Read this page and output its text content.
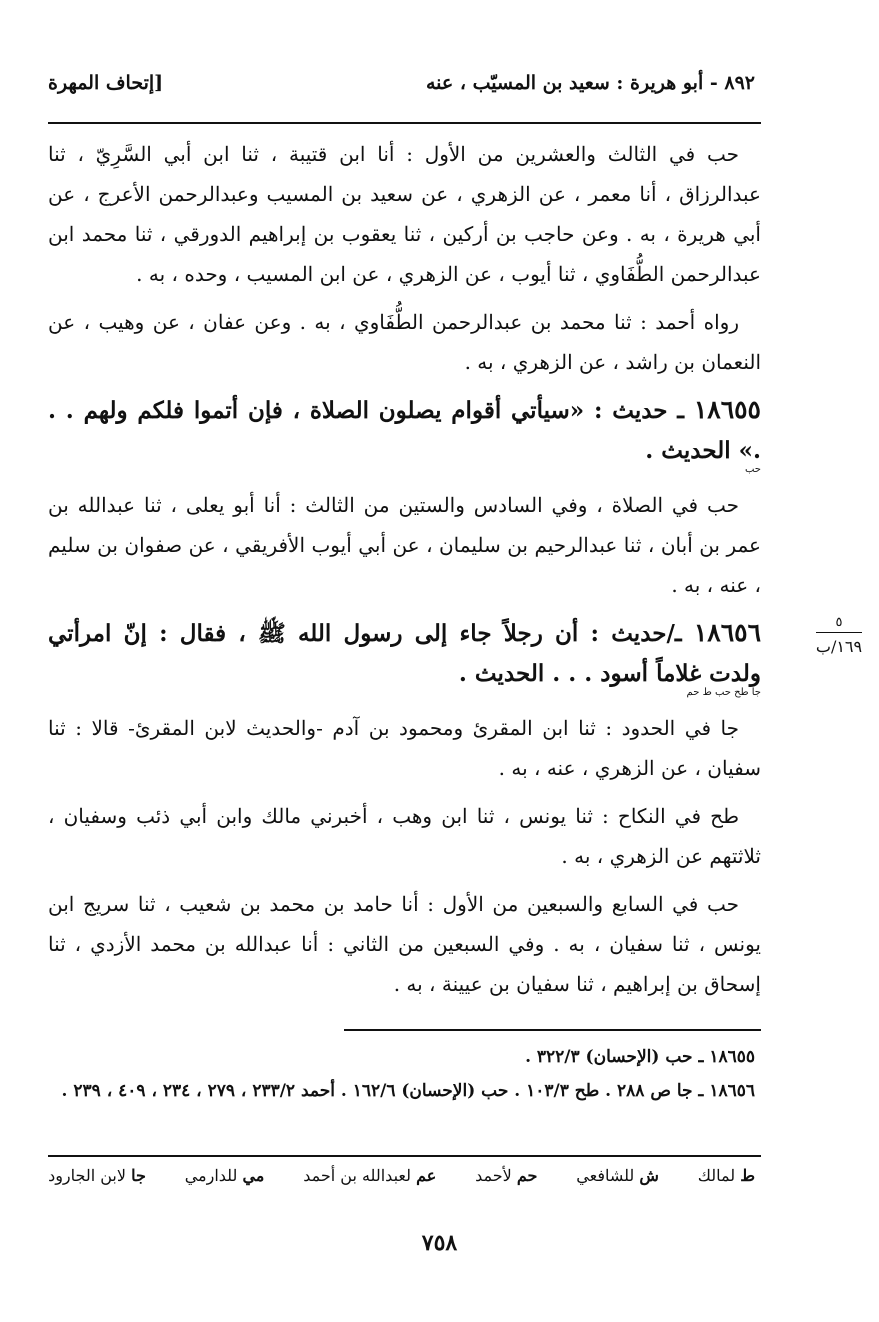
٨٩٢ - أبو هريرة : سعيد بن المسيّب ، عنه
[إتحاف المهرة

حب في الثالث والعشرين من الأول : أنا ابن قتيبة ، ثنا ابن أبي السَّرِيّ ، ثنا عبدالرزاق ، أنا معمر ، عن الزهري ، عن سعيد بن المسيب وعبدالرحمن الأعرج ، عن أبي هريرة ، به . وعن حاجب بن أركين ، ثنا يعقوب بن إبراهيم الدورقي ، ثنا محمد ابن عبدالرحمن الطُّفَاوي ، ثنا أيوب ، عن الزهري ، عن ابن المسيب ، وحده ، به .

رواه أحمد : ثنا محمد بن عبدالرحمن الطُّفَاوي ، به . وعن عفان ، عن وهيب ، عن النعمان بن راشد ، عن الزهري ، به .

١٨٦٥٥ ـ حديث : «سيأتي أقوام يصلون الصلاة ، فإن أتموا فلكم ولهم . . .» الحديث .
حب

حب في الصلاة ، وفي السادس والستين من الثالث : أنا أبو يعلى ، ثنا عبدالله بن عمر بن أبان ، ثنا عبدالرحيم بن سليمان ، عن أبي أيوب الأفريقي ، عن صفوان بن سليم ، عنه ، به .

١٨٦٥٦ ـ/حديث : أن رجلاً جاء إلى رسول الله ﷺ ، فقال : إنّ امرأتي ولدت غلاماً أسود . . . الحديث .
جا طح حب ط حم

جا في الحدود : ثنا ابن المقرئ ومحمود بن آدم -والحديث لابن المقرئ- قالا : ثنا سفيان ، عن الزهري ، عنه ، به .

طح في النكاح : ثنا يونس ، ثنا ابن وهب ، أخبرني مالك وابن أبي ذئب وسفيان ، ثلاثتهم عن الزهري ، به .

حب في السابع والسبعين من الأول : أنا حامد بن محمد بن شعيب ، ثنا سريج ابن يونس ، ثنا سفيان ، به . وفي السبعين من الثاني : أنا عبدالله بن محمد الأزدي ، ثنا إسحاق بن إبراهيم ، ثنا سفيان بن عيينة ، به .

٥
١٦٩/ب
١٨٦٥٥ ـ حب (الإحسان) ٣٢٢/٣ .
١٨٦٥٦ ـ جا ص ٢٨٨ . طح ١٠٣/٣ . حب (الإحسان) ١٦٢/٦ . أحمد ٢٣٣/٢ ، ٢٧٩ ، ٢٣٤ ، ٤٠٩ ، ٢٣٩ .
ط لمالك
ش للشافعي
حم لأحمد
عم لعبدالله بن أحمد
مي للدارمي
جا لابن الجارود
٧٥٨
